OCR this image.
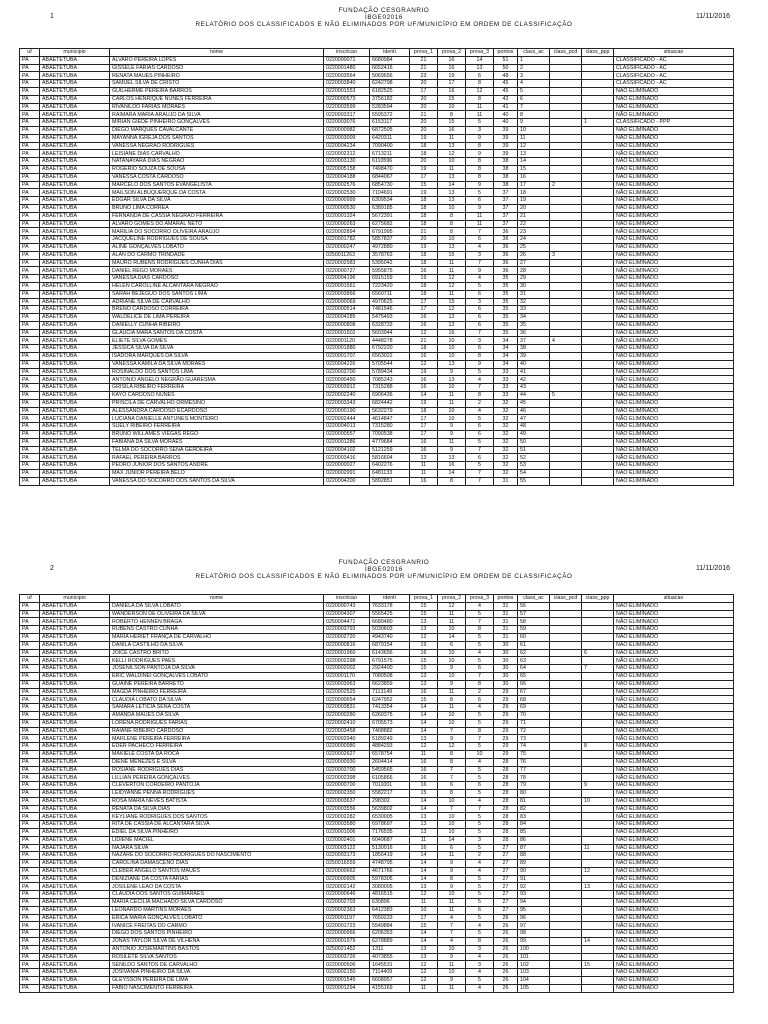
1
FUNDAÇÃO CESGRANRIO
IBGE02016
RELATÓRIO DOS CLASSIFICADOS E NÃO ELIMINADOS POR UF/MUNICÍPIO EM ORDEM DE CLASSIFICAÇÃO
11/11/2016
uf	municipio	nome	inscricao	identi	prova_1	prova_2	prova_3	pontos	class_ac	class_pcd	class_ppp	situacao
PA	ABAETETUBA	ALVARO PEREIRA LOPES	0220000071	6680984	21	16	14	51	1			CLASSIFICADO - AC
PA	ABAETETUBA	GISSELE FARIAS CARDOSO	0220001480	6652416	21	16	13	50	2			CLASSIFICADO - AC
PA	ABAETETUBA	RENATA MAUES PINHEIRO	0220003564	5069656	23	19	6	48	3			CLASSIFICADO - AC
PA	ABAETETUBA	SAMUEL SILVA DE CRISTO	0220003840	6242798	20	17	8	45	4			CLASSIFICADO - AC
PA	ABAETETUBA	GUILHERME PEREIRA BARROS	0220001553	6182525	17	16	12	45	5			NÃO ELIMINADO
PA	ABAETETUBA	CARLOS HENRIQUE NUNES FERREIRA	0220000573	3756182	20	15	8	43	6			NÃO ELIMINADO
PA	ABAETETUBA	RIVANILDO FARIAS MORAES	0220003599	5283594	20	10	11	41	7			NÃO ELIMINADO
PA	ABAETETUBA	RAIMARA MARIA ARAUJO DA SILVA	0220003317	5595372	21	8	11	40	8			NÃO ELIMINADO
PA	ABAETETUBA	MIRIAN GIEDE PINHEIRO GONÇALVES	0220003076	6153117	20	15	5	40	9		1	CLASSIFICADO - PPP
PA	ABAETETUBA	DIEGO MARQUES CAVALCANTE	0220000982	6872505	20	16	3	39	10			NÃO ELIMINADO
PA	ABAETETUBA	MAYANNA IGREJA DOS SANTOS	0220003009	6420311	19	11	9	39	11			NÃO ELIMINADO
PA	ABAETETUBA	VANESSA NEGRÃO RODRIGUES	0220004234	7090400	18	13	8	39	12			NÃO ELIMINADO
PA	ABAETETUBA	LEISIANE DIAS CARVALHO	0220002312	6713211	18	12	9	39	13			NÃO ELIMINADO
PA	ABAETETUBA	NATANAYARA DIAS NEGRÃO	0220003130	6110596	20	10	8	38	14			NÃO ELIMINADO
PA	ABAETETUBA	ROGÉRIO SOUZA DE SOUSA	0220005158	7498470	19	11	8	38	15			NÃO ELIMINADO
PA	ABAETETUBA	VANESSA COSTA CARDOSO	0220004188	6844067	17	13	8	38	16			NÃO ELIMINADO
PA	ABAETETUBA	MARCELO DOS SANTOS EVANGELISTA	0220002576	6854730	15	14	9	38	17	2		NÃO ELIMINADO
PA	ABAETETUBA	MAILSON ALBUQUERQUE DA COSTA	0220002530	7104691	19	13	5	37	18			NÃO ELIMINADO
PA	ABAETETUBA	EDGAR SILVA DA SILVA	0220000999	6309534	18	13	6	37	19			NÃO ELIMINADO
PA	ABAETETUBA	BRUNO LIMA CORRÊA	0220000530	6389185	18	10	9	37	20			NÃO ELIMINADO
PA	ABAETETUBA	FERNANDA DE CÁSSIA NEGRÃO FERREIRA	0220001324	5672391	18	8	11	37	21			NÃO ELIMINADO
PA	ABAETETUBA	ALVARO GOMES DO AMARAL NETO	0220000263	6275682	18	8	11	37	22			NÃO ELIMINADO
PA	ABAETETUBA	MARILIA DO SOCORRO OLIVEIRA ARAÚJO	0220002894	6791995	21	8	7	36	23			NÃO ELIMINADO
PA	ABAETETUBA	JACQUELINE RODRIGUES DE SOUSA	0220001782	5857837	20	10	6	36	24			NÃO ELIMINADO
PA	ABAETETUBA	ALINE GONÇALVES LOBATO	0220000247	4972880	19	13	4	36	25			NÃO ELIMINADO
PA	ABAETETUBA	ALAN DO CARMO TRINDADE	0250011263	3578763	18	15	3	36	26	3		NÃO ELIMINADO
PA	ABAETETUBA	MAURO RUBENS RODRIGUES CUNHA DIAS	0220002983	5395042	18	11	7	36	27			NÃO ELIMINADO
PA	ABAETETUBA	DANIEL REGO MORAES	0220000727	5955875	16	11	9	36	28			NÃO ELIMINADO
PA	ABAETETUBA	VANESSA DIAS CARDOSO	0220004196	6915159	19	12	4	35	29			NÃO ELIMINADO
PA	ABAETETUBA	HELEN CAROLLINE ALCANTARA NEGRÃO	0220001561	7223420	18	12	5	35	30			NÃO ELIMINADO
PA	ABAETETUBA	SARAH BEJEGUO DOS SANTOS LIMA	0220003866	6560711	18	11	6	35	31			NÃO ELIMINADO
PA	ABAETETUBA	ADRIANE SILVA DE CARVALHO	0220000069	4970625	17	15	3	35	32			NÃO ELIMINADO
PA	ABAETETUBA	BRENO CARDOSO CORREIRA	0220000514	7481546	17	12	6	35	33			NÃO ELIMINADO
PA	ABAETETUBA	WALDELICE DE LIMA PEREIRA	0220004285	5475493	16	13	6	35	34			NÃO ELIMINADO
PA	ABAETETUBA	DANIELLY CUNHA RIBEIRO	0220000808	6328733	16	13	6	35	35			NÃO ELIMINADO
PA	ABAETETUBA	GLAUCIA MARA SANTOS DA COSTA	0220001502	5603944	12	16	7	35	36			NÃO ELIMINADO
PA	ABAETETUBA	ELIETE SILVA GOMES	0220001120	4448278	21	10	3	34	37	4		NÃO ELIMINADO
PA	ABAETETUBA	JESSICA SILVA DA SILVA	0220001880	6792220	18	10	6	34	38			NÃO ELIMINADO
PA	ABAETETUBA	ISADORA MARQUES DA SILVA	0220001707	6563022	16	10	8	34	39			NÃO ELIMINADO
PA	ABAETETUBA	VANESSA KAMILA DA SILVA MORAES	0220004226	5705544	12	13	9	34	40			NÃO ELIMINADO
PA	ABAETETUBA	ROSINALDO DOS SANTOS LIMA	0220003700	5789434	19	9	5	33	41			NÃO ELIMINADO
PA	ABAETETUBA	ANTONIO ANGELO NEGRÃO GUARESMA	0220000450	7085243	16	13	4	33	42			NÃO ELIMINADO
PA	ABAETETUBA	GRISILA RIBEIRO FERREIRA	0220003912	7315288	16	10	7	33	43			NÃO ELIMINADO
PA	ABAETETUBA	KAYO CARDOSO NUNES	0220002240	6906436	14	11	8	33	44	5		NÃO ELIMINADO
PA	ABAETETUBA	PRISCILA DE CARVALHO ORMESINO	0220003343	6824442	19	11	2	32	45			NÃO ELIMINADO
PA	ABAETETUBA	ALESSANDRA CARDOSO ECARDOSO	0220000190	5632279	18	10	4	32	46			NÃO ELIMINADO
PA	ABAETETUBA	LUCIANA DANIELLE ANTUNES MONTEIRO	0220002444	4614847	17	10	5	32	47			NÃO ELIMINADO
PA	ABAETETUBA	SUELY RIBEIRO FERREIRA	0220004013	7315280	17	9	6	32	48			NÃO ELIMINADO
PA	ABAETETUBA	BRUNO WILLAMES VIEGAS REGO	0220000557	7090538	17	9	6	32	49			NÃO ELIMINADO
PA	ABAETETUBA	FABIANA DA SILVA MORAES	0220001286	4779684	16	11	5	32	50			NÃO ELIMINADO
PA	ABAETETUBA	TELMA DO SOCORRO SENA GERDEIRA	0220004102	5121259	16	9	7	32	51			NÃO ELIMINADO
PA	ABAETETUBA	RAFAEL PEREIRA BARROS	0220003416	5816604	13	13	6	32	52			NÃO ELIMINADO
PA	ABAETETUBA	PEDRO JUNIOR DOS SANTOS ANDRÉ	0220000027	6402276	11	16	5	32	53			NÃO ELIMINADO
PA	ABAETETUBA	MAX JUNIOR PEREIRA BELO	0220002991	6481133	11	14	7	32	54			NÃO ELIMINADO
PA	ABAETETUBA	VANESSA DO SOCORRO DOS SANTOS DA SILVA	0220004200	5892851	16	8	7	31	55			NÃO ELIMINADO
2
FUNDAÇÃO CESGRANRIO
IBGE02016
RELATÓRIO DOS CLASSIFICADOS E NÃO ELIMINADOS POR UF/MUNICÍPIO EM ORDEM DE CLASSIFICAÇÃO
11/11/2016
uf	municipio	nome	inscricao	identi	prova_1	prova_2	prova_3	pontos	class_ac	class_pcd	class_ppp	situacao
PA	ABAETETUBA	DANIELA DA SILVA LOBATO	0220000743	7633178	15	12	4	31	56			NÃO ELIMINADO
PA	ABAETETUBA	WANDERSON DE OLIVEIRA DA SILVA	0220004307	5565425	15	11	5	31	57			NÃO ELIMINADO
PA	ABAETETUBA	ROBERTO HENNEN BRAGA	0250004471	6680480	13	11	7	31	58			NÃO ELIMINADO
PA	ABAETETUBA	RUBENS CASTRO CUNHA	0220003793	5030603	13	10	8	31	59			NÃO ELIMINADO
PA	ABAETETUBA	MARIA HERIET FRANÇA DE CARVALHO	0220002720	4943740	12	14	5	31	60			NÃO ELIMINADO
PA	ABAETETUBA	DANILA CASTILHO DA SILVA	0220000816	6879154	19	6	5	30	61			NÃO ELIMINADO
PA	ABAETETUBA	JOICE CASTRO BRITO	0220001960	6143656	16	10	4	30	62		6	NÃO ELIMINADO
PA	ABAETETUBA	KELLI RODRIGUES PAES	0220002298	6791575	15	10	5	30	63			NÃO ELIMINADO
PA	ABAETETUBA	JOSENILSON PANTOJA DA SILVA	0220002002	2924400	15	9	6	30	64		7	NÃO ELIMINADO
PA	ABAETETUBA	ERIC WALDINEI GONÇALVES LOBATO	0220001170	7080508	13	10	7	30	65			NÃO ELIMINADO
PA	ABAETETUBA	GUAINE PEREIRA BARRETO	0220003963	6623859	13	9	8	30	66			NÃO ELIMINADO
PA	ABAETETUBA	MAGDA PINHEIRO FERREIRA	0220002525	7113149	16	11	2	29	67			NÃO ELIMINADO
PA	ABAETETUBA	CLAUDIA LOBATO DA SILVA	0220000654	6247952	15	8	6	29	68			NÃO ELIMINADO
PA	ABAETETUBA	SAMARA LETICIA SENA COSTA	0220003831	7413354	14	11	4	29	69			NÃO ELIMINADO
PA	ABAETETUBA	AMANDA MAUES DA SILVA	0220000280	6260375	14	10	5	29	70			NÃO ELIMINADO
PA	ABAETETUBA	LORENA RODRIGUES FARIAS	0220002410	6705573	14	10	5	29	71			NÃO ELIMINADO
PA	ABAETETUBA	RAIANE RIBEIRO CARDOSO	0220003458	7408882	14	7	8	29	72			NÃO ELIMINADO
PA	ABAETETUBA	MARLENE PEREIRA FERREIRA	0220002940	5189249	13	9	7	29	73			NÃO ELIMINADO
PA	ABAETETUBA	EDER PACHECO FERREIRA	0220000980	4884293	12	12	5	29	74		8	NÃO ELIMINADO
PA	ABAETETUBA	MAKIELE COSTA DA ROCA	0220002627	6578754	11	8	10	29	75			NÃO ELIMINADO
PA	ABAETETUBA	DIENE MENEZES E SILVA	0220000930	2604414	16	8	4	28	76			NÃO ELIMINADO
PA	ABAETETUBA	ROSIANE RODRIGUES DIAS	0220003700	5459565	16	7	5	28	77			NÃO ELIMINADO
PA	ABAETETUBA	LILLIAN PEREIRA GONÇALVES	0220002398	6105866	16	7	5	28	78			NÃO ELIMINADO
PA	ABAETETUBA	CLEVERTON CORDEIRO PANTOJA	0220000700	7011001	16	6	6	28	79		9	NÃO ELIMINADO
PA	ABAETETUBA	LEIDYANNE PENNA RODRIGUES	0220002350	5582217	15	8	5	28	80			NÃO ELIMINADO
PA	ABAETETUBA	ROSA MARIA NEVES BATISTA	0220003637	298302	14	10	4	28	81		10	NÃO ELIMINADO
PA	ABAETETUBA	RENATA DA SILVA DIAS	0220003556	5639802	14	7	7	28	82			NÃO ELIMINADO
PA	ABAETETUBA	KEYLIANE RODRIGUES DOS SANTOS	0220002282	6530005	13	10	5	28	83			NÃO ELIMINADO
PA	ABAETETUBA	RITA DE CASSIA DE ALCANTARA SILVA	0220003580	6978697	13	10	5	28	84			NÃO ELIMINADO
PA	ABAETETUBA	EDIEL DA SILVA PINHEIRO	0220001006	7176535	13	10	5	28	85			NÃO ELIMINADO
PA	ABAETETUBA	LIDIENE MACIEL	0220002401	6049687	11	14	3	28	86			NÃO ELIMINADO
PA	ABAETETUBA	NAJARA SILVA	0220003122	5130016	16	6	5	27	87		11	NÃO ELIMINADO
PA	ABAETETUBA	NAZARE DO SOCORRO RODRIGUES DO NASCIMENTO	0220003173	1856419	14	11	2	27	88			NÃO ELIMINADO
PA	ABAETETUBA	CAROLINA DAMASCENO DIAS	0250016559	4748795	14	9	4	27	89			NÃO ELIMINADO
PA	ABAETETUBA	CLEBER ANGELO SANTOS MAUES	0220000662	4671766	14	9	4	27	90		12	NÃO ELIMINADO
PA	ABAETETUBA	DENIZIANE DA COSTA FARIAS	0220000905	5978305	14	8	5	27	91			NÃO ELIMINADO
PA	ABAETETUBA	JOSILENE LEAO DA COSTA	0220002142	3080005	13	9	5	27	92		13	NÃO ELIMINADO
PA	ABAETETUBA	CLAUDIA DOS SANTOS GUIMARAES	0220000646	4816515	12	10	5	27	93			NÃO ELIMINADO
PA	ABAETETUBA	MARIA CECILIA MACHADO SILVA CARDOSO	0220002703	630896	11	11	5	27	94			NÃO ELIMINADO
PA	ABAETETUBA	LEONARDO MARTINS MORAES	0220002363	6412383	10	11	6	27	95			NÃO ELIMINADO
PA	ABAETETUBA	ERICA MARIA GONÇALVES LOBATO	0220001197	7650233	17	4	5	26	96			NÃO ELIMINADO
PA	ABAETETUBA	IVANICE FREITAS DO CARMO	0220001723	5549884	15	7	4	26	97			NÃO ELIMINADO
PA	ABAETETUBA	DIEGO DOS SANTOS PINHEIRO	0220000966	6206353	14	7	5	26	98			NÃO ELIMINADO
PA	ABAETETUBA	JONAS TAYLOR SILVA DE VILHENA	0220001979	6278889	14	4	8	26	99		14	NÃO ELIMINADO
PA	ABAETETUBA	ANTONIO JOSIEMARTINS BASTOS	0250021452	1311	13	10	3	26	100			NÃO ELIMINADO
PA	ABAETETUBA	ROSILETE SILVA SANTOS	0220003726	4073855	13	9	4	26	101			NÃO ELIMINADO
PA	ABAETETUBA	SENILDO SANTOS DE CARVALHO	0220000506	1645531	12	11	3	26	102		15	NÃO ELIMINADO
PA	ABAETETUBA	JOSIVANIA PINHEIRO DA SILVA	0220002150	7114409	12	10	4	26	103			NÃO ELIMINADO
PA	ABAETETUBA	GLEYSSON PEREIRA DE LIMA	0220001545	6608957	12	9	5	26	104			NÃO ELIMINADO
PA	ABAETETUBA	FABIO NASCIMENTO FERREIRA	0220001294	4155169	11	11	4	26	105			NÃO ELIMINADO
